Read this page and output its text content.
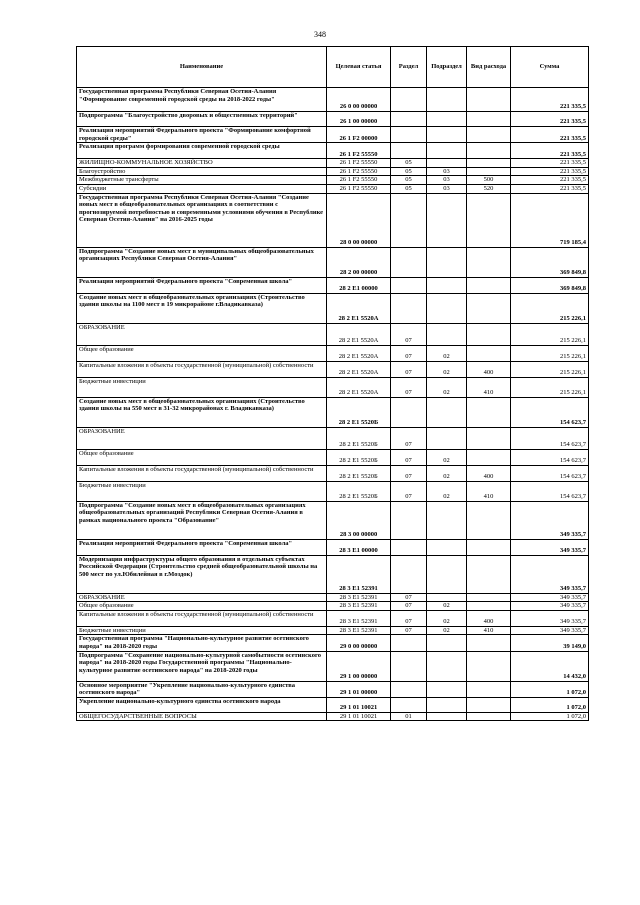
348
Наименование	Целевая статья	Раздел	Подраздел	Вид расхода	Сумма
Государственная программа Республики Северная Осетия-Алания "Формирование современной городской среды на 2018-2022 годы"	26 0 00 00000				221 335,5
Подпрограмма "Благоустройство дворовых и общественных территорий"	26 1 00 00000				221 335,5
Реализация мероприятий Федерального проекта "Формирование комфортной городской среды"	26 1 F2 00000				221 335,5
Реализация программ формирования современной городской среды	26 1 F2 55550				221 335,5
ЖИЛИЩНО-КОММУНАЛЬНОЕ ХОЗЯЙСТВО	26 1 F2 55550	05			221 335,5
Благоустройство	26 1 F2 55550	05	03		221 335,5
Межбюджетные трансферты	26 1 F2 55550	05	03	500	221 335,5
Субсидии	26 1 F2 55550	05	03	520	221 335,5
Государственная программа Республики Северная Осетия-Алания "Создание новых мест в общеобразовательных организациях в соответствии с прогнозируемой потребностью и современными условиями обучения в Республике Северная Осетия-Алания" на 2016-2025 годы	28 0 00 00000				719 185,4
Подпрограмма "Создание новых мест в муниципальных общеобразовательных организациях Республики Северная Осетия-Алания"	28 2 00 00000				369 849,8
Реализация мероприятий Федерального проекта "Современная школа"	28 2 E1 00000				369 849,8
Создание новых мест в общеобразовательных организациях (Строительство здания школы на 1100 мест в 19 микрорайоне г.Владикавказа)	28 2 E1 5520А				215 226,1
ОБРАЗОВАНИЕ	28 2 E1 5520А	07			215 226,1
Общее образование	28 2 E1 5520А	07	02		215 226,1
Капитальные вложения в объекты государственной (муниципальной) собственности	28 2 E1 5520А	07	02	400	215 226,1
Бюджетные инвестиции	28 2 E1 5520А	07	02	410	215 226,1
Создание новых мест в общеобразовательных организациях (Строительство здания школы на 550 мест в 31-32 микрорайонах г. Владикавказа)	28 2 E1 5520Б				154 623,7
ОБРАЗОВАНИЕ	28 2 E1 5520Б	07			154 623,7
Общее образование	28 2 E1 5520Б	07	02		154 623,7
Капитальные вложения в объекты государственной (муниципальной) собственности	28 2 E1 5520Б	07	02	400	154 623,7
Бюджетные инвестиции	28 2 E1 5520Б	07	02	410	154 623,7
Подпрограмма "Создание новых мест в общеобразовательных организациях общеобразовательных организаций Республики Северная Осетия-Алания в рамках национального проекта "Образование"	28 3 00 00000				349 335,7
Реализация мероприятий Федерального проекта "Современная школа"	28 3 E1 00000				349 335,7
Модернизация инфраструктуры общего образования в отдельных субъектах Российской Федерации (Строительство средней общеобразовательной школы на 500 мест по ул.Юбилейная в г.Моздок)	28 3 E1 52391				349 335,7
ОБРАЗОВАНИЕ	28 3 E1 52391	07			349 335,7
Общее образование	28 3 E1 52391	07	02		349 335,7
Капитальные вложения в объекты государственной (муниципальной) собственности	28 3 E1 52391	07	02	400	349 335,7
Бюджетные инвестиции	28 3 E1 52391	07	02	410	349 335,7
Государственная программа "Национально-культурное развитие осетинского народа" на 2018-2020 годы	29 0 00 00000				39 149,0
Подпрограмма "Сохранение национально-культурной самобытности осетинского народа" на 2018-2020 годы Государственной программы "Национально-культурное развитие осетинского народа" на 2018-2020 годы	29 1 00 00000				14 432,0
Основное мероприятие "Укрепление национально-культурного единства осетинского народа"	29 1 01 00000				1 072,0
Укрепление национально-культурного единства осетинского народа	29 1 01 10021				1 072,0
ОБЩЕГОСУДАРСТВЕННЫЕ ВОПРОСЫ	29 1 01 10021	01			1 072,0
